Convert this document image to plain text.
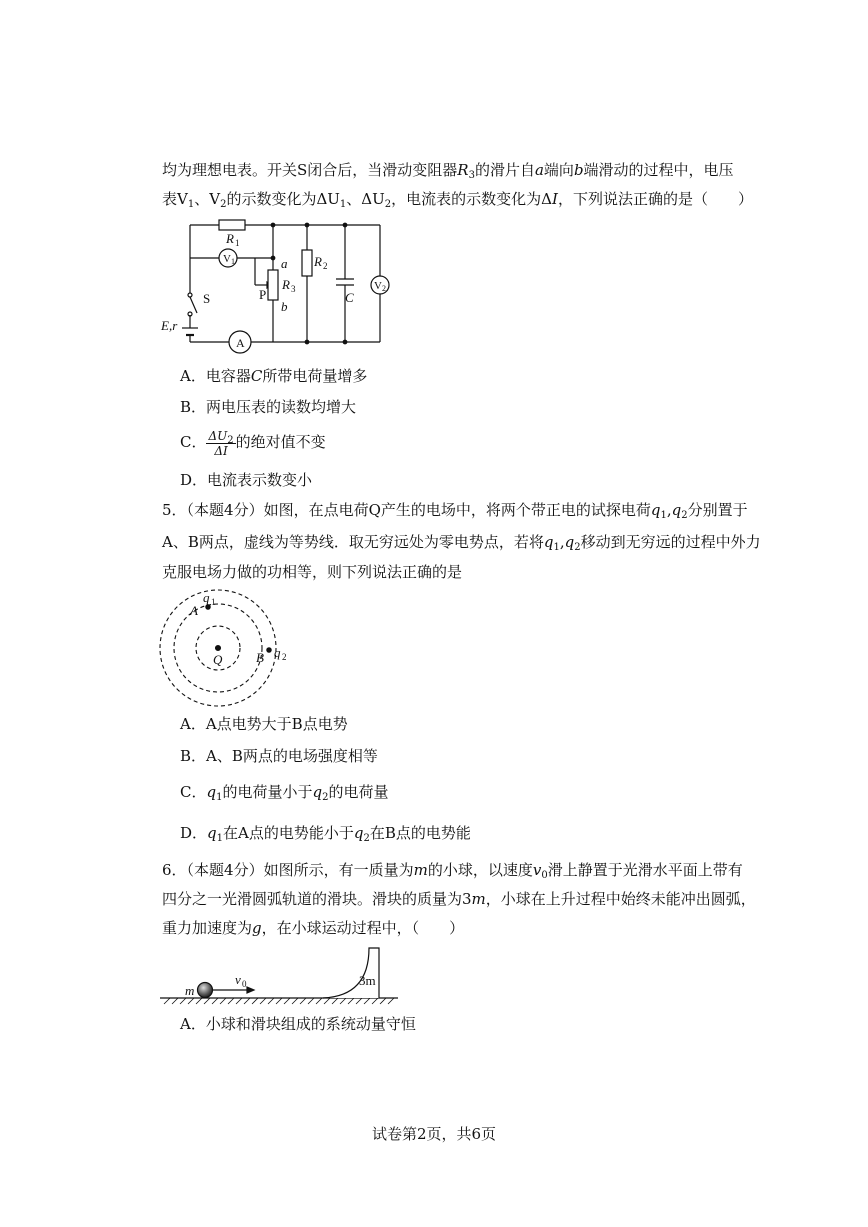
均为理想电表。开关S闭合后，当滑动变阻器$R_3$的滑片自a端向b端滑动的过程中，电压
表$V_1$、$V_2$的示数变化为$\Delta U_1$、$\Delta U_2$，电流表的示数变化为ΔI，下列说法正确的是（　　）
R 1
V 1	a
P
R 3
b
R 2
C
V 2
S
E,r
A
A．电容器C所带电荷量增多
B．两电压表的读数均增大
C． $\frac{\Delta U_2}{\Delta I}$ 的绝对值不变
D．电流表示数变小
5．（本题4分）如图，在点电荷Q产生的电场中，将两个带正电的试探电荷$q_1,q_2$分别置于
A、B两点，虚线为等势线．取无穷远处为零电势点，若将$q_1,q_2$移动到无穷远的过程中外力
克服电场力做的功相等，则下列说法正确的是
q 1
A
Q	B q 2
A．A点电势大于B点电势
B．A、B两点的电场强度相等
C．$q_1$的电荷量小于$q_2$的电荷量
D．$q_1$在A点的电势能小于$q_2$在B点的电势能
6．（本题4分）如图所示，有一质量为m的小球，以速度$v_0$滑上静置于光滑水平面上带有
四分之一光滑圆弧轨道的滑块。滑块的质量为3m，小球在上升过程中始终未能冲出圆弧，
重力加速度为g，在小球运动过程中，（　　）
m
v 0	3m
A．小球和滑块组成的系统动量守恒
试卷第2页，共6页
